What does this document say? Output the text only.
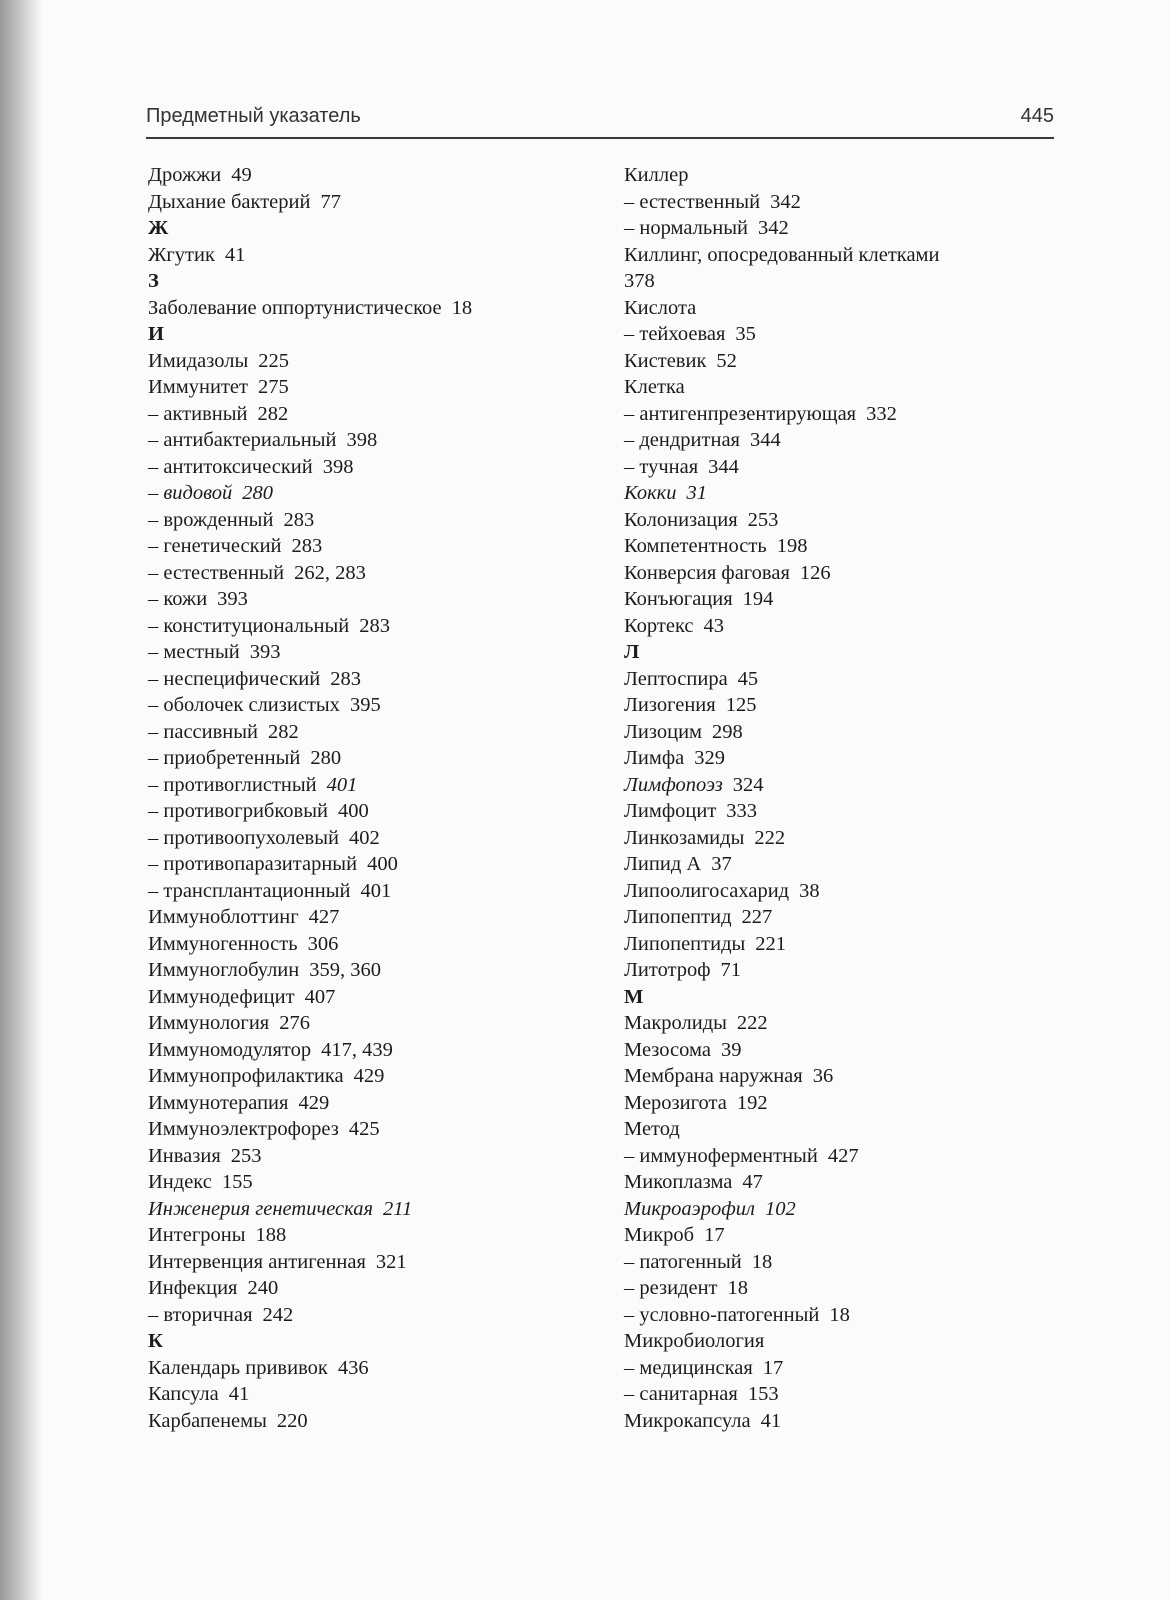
Предметный указатель	445
Дрожжи 49
Дыхание бактерий 77
Ж
Жгутик 41
З
Заболевание оппортунистическое 18
И
Имидазолы 225
Иммунитет 275
– активный 282
– антибактериальный 398
– антитоксический 398
– видовой 280
– врожденный 283
– генетический 283
– естественный 262, 283
– кожи 393
– конституциональный 283
– местный 393
– неспецифический 283
– оболочек слизистых 395
– пассивный 282
– приобретенный 280
– противоглистный 401
– противогрибковый 400
– противоопухолевый 402
– противопаразитарный 400
– трансплантационный 401
Иммуноблоттинг 427
Иммуногенность 306
Иммуноглобулин 359, 360
Иммунодефицит 407
Иммунология 276
Иммуномодулятор 417, 439
Иммунопрофилактика 429
Иммунотерапия 429
Иммуноэлектрофорез 425
Инвазия 253
Индекс 155
Инженерия генетическая 211
Интегроны 188
Интервенция антигенная 321
Инфекция 240
– вторичная 242
К
Календарь прививок 436
Капсула 41
Карбапенемы 220
Киллер
– естественный 342
– нормальный 342
Киллинг, опосредованный клетками
378
Кислота
– тейхоевая 35
Кистевик 52
Клетка
– антигенпрезентирующая 332
– дендритная 344
– тучная 344
Кокки 31
Колонизация 253
Компетентность 198
Конверсия фаговая 126
Конъюгация 194
Кортекс 43
Л
Лептоспира 45
Лизогения 125
Лизоцим 298
Лимфа 329
Лимфопоэз 324
Лимфоцит 333
Линкозамиды 222
Липид А 37
Липоолигосахарид 38
Липопептид 227
Липопептиды 221
Литотроф 71
М
Макролиды 222
Мезосома 39
Мембрана наружная 36
Мерозигота 192
Метод
– иммуноферментный 427
Микоплазма 47
Микроаэрофил 102
Микроб 17
– патогенный 18
– резидент 18
– условно-патогенный 18
Микробиология
– медицинская 17
– санитарная 153
Микрокапсула 41
